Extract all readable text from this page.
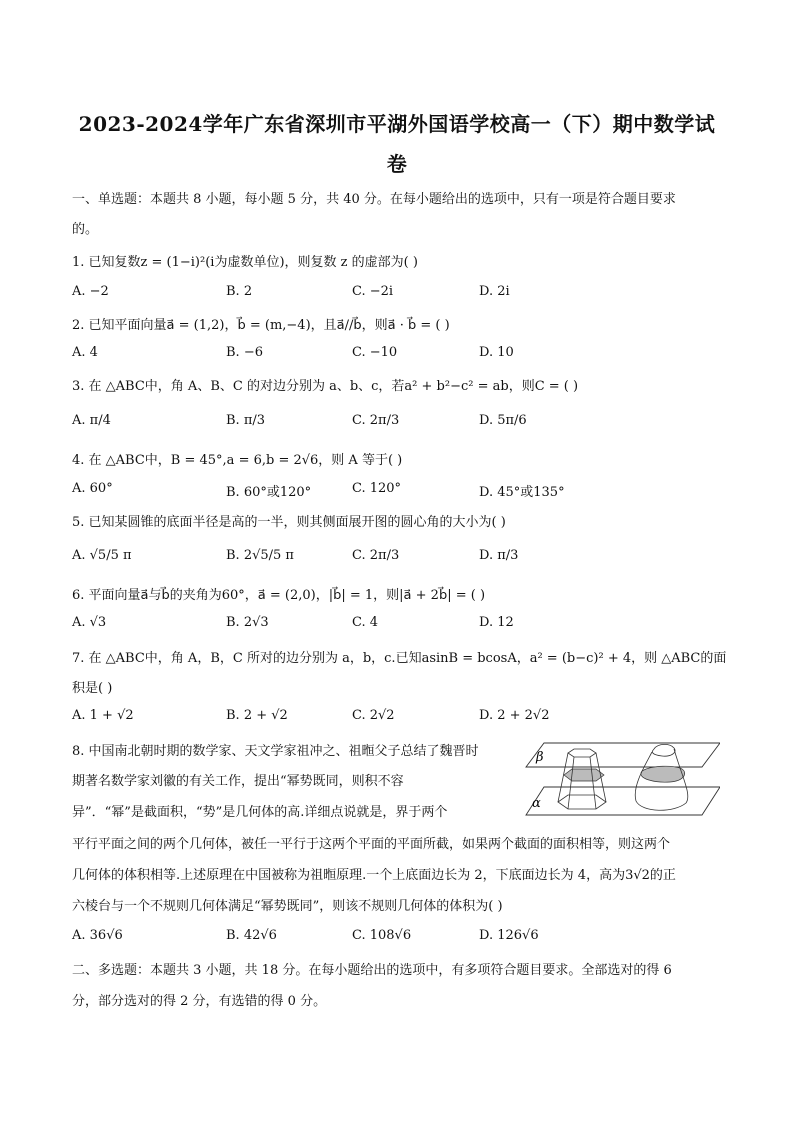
2023-2024学年广东省深圳市平湖外国语学校高一（下）期中数学试
卷
一、单选题：本题共 8 小题，每小题 5 分，共 40 分。在每小题给出的选项中，只有一项是符合题目要求
的。
1. 已知复数z = (1−i)²(i为虚数单位)，则复数 z 的虚部为( )
A. −2	B. 2	C. −2i	D. 2i
2. 已知平面向量a⃗ = (1,2)，b⃗ = (m,−4)，且a⃗//b⃗，则a⃗ · b⃗ = ( )
A. 4	B. −6	C. −10	D. 10
3. 在 △ABC中，角 A、B、C 的对边分别为 a、b、c，若a² + b²−c² = ab，则C = ( )
A. π/4	B. π/3	C. 2π/3	D. 5π/6
4. 在 △ABC中，B = 45°,a = 6,b = 2√6，则 A 等于( )
A. 60°	B. 60°或120°	C. 120°	D. 45°或135°
5. 已知某圆锥的底面半径是高的一半，则其侧面展开图的圆心角的大小为( )
A. √5/5 π	B. 2√5/5 π	C. 2π/3	D. π/3
6. 平面向量a⃗与b⃗的夹角为60°，a⃗ = (2,0)，|b⃗| = 1，则|a⃗ + 2b⃗| = ( )
A. √3	B. 2√3	C. 4	D. 12
7. 在 △ABC中，角 A，B，C 所对的边分别为 a，b，c.已知asinB = bcosA，a² = (b−c)² + 4，则 △ABC的面
积是( )
A. 1 + √2	B. 2 + √2	C. 2√2	D. 2 + 2√2
8. 中国南北朝时期的数学家、天文学家祖冲之、祖暅父子总结了魏晋时
期著名数学家刘徽的有关工作，提出“幂势既同，则积不容
异”．“幂”是截面积，“势”是几何体的高.详细点说就是，界于两个
平行平面之间的两个几何体，被任一平行于这两个平面的平面所截，如果两个截面的面积相等，则这两个
几何体的体积相等.上述原理在中国被称为祖暅原理.一个上底面边长为 2，下底面边长为 4，高为3√2的正
六棱台与一个不规则几何体满足“幂势既同”，则该不规则几何体的体积为( )
A. 36√6	B. 42√6	C. 108√6	D. 126√6
β
α
二、多选题：本题共 3 小题，共 18 分。在每小题给出的选项中，有多项符合题目要求。全部选对的得 6
分，部分选对的得 2 分，有选错的得 0 分。
